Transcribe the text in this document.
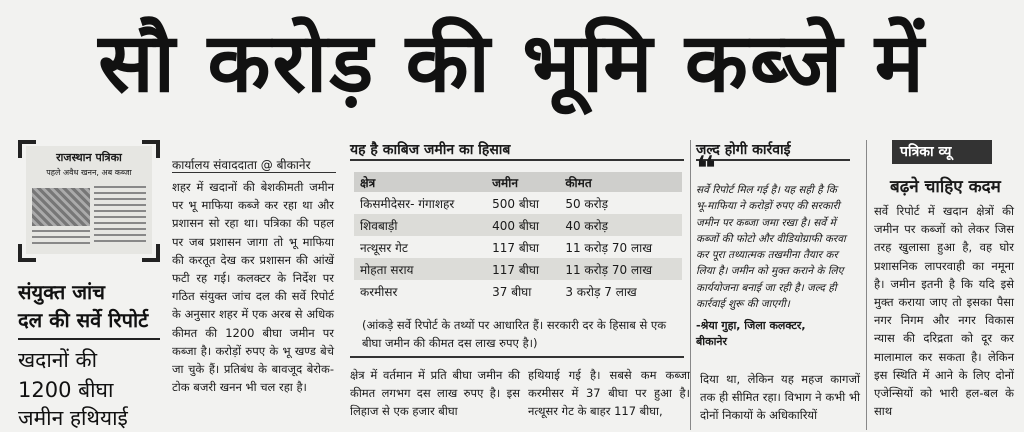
सौ करोड़ की भूमि कब्जे में
राजस्थान पत्रिका
पहले अवैध खनन, अब कब्जा
संयुक्त जांच
दल की सर्वे रिपोर्ट
खदानों की
1200 बीघा
जमीन हथियाई
कार्यालय संवाददाता @ बीकानेर
शहर में खदानों की बेशकीमती जमीन पर भू माफिया कब्जे कर रहा था और प्रशासन सो रहा था। पत्रिका की पहल पर जब प्रशासन जागा तो भू माफिया की करतूत देख कर प्रशासन की आंखें फटी रह गई। कलक्टर के निर्देश पर गठित संयुक्त जांच दल की सर्वे रिपोर्ट के अनुसार शहर में एक अरब से अधिक कीमत की 1200 बीघा जमीन पर कब्जा है। करोड़ों रुपए के भू खण्ड बेचे जा चुके हैं। प्रतिबंध के बावजूद बेरोक-टोक बजरी खनन भी चल रहा है।
यह है काबिज जमीन का हिसाब
क्षेत्र	जमीन	कीमत
किसमीदेसर- गंगाशहर	500 बीघा	50 करोड़
शिवबाड़ी	400 बीघा	40 करोड़
नत्थूसर गेट	117 बीघा	11 करोड़ 70 लाख
मोहता सराय	117 बीघा	11 करोड़ 70 लाख
करमीसर	37 बीघा	3 करोड़ 7 लाख
(आंकड़े सर्वे रिपोर्ट के तथ्यों पर आधारित हैं। सरकारी दर के हिसाब से एक बीघा जमीन की कीमत दस लाख रुपए है।)
क्षेत्र में वर्तमान में प्रति बीघा जमीन की कीमत लगभग दस लाख रुपए है। इस लिहाज से एक हजार बीघा
हथियाई गई है। सबसे कम कब्जा करमीसर में 37 बीघा पर हुआ है। नत्थूसर गेट के बाहर 117 बीघा,
जल्द होगी कार्रवाई
❝
सर्वे रिपोर्ट मिल गई है। यह सही है कि भू-माफिया ने करोड़ों रुपए की सरकारी जमीन पर कब्जा जमा रखा है। सर्वे में कब्जों की फोटो और वीडियोग्राफी करवा कर पूरा तथ्यात्मक तखमीना तैयार कर लिया है। जमीन को मुक्त कराने के लिए कार्ययोजना बनाई जा रही है। जल्द ही कार्रवाई शुरू की जाएगी।
-श्रेया गुहा, जिला कलक्टर,
बीकानेर
दिया था, लेकिन यह महज कागजों तक ही सीमित रहा। विभाग ने कभी भी दोनों निकायों के अधिकारियों
पत्रिका व्यू
बढ़ने चाहिए कदम
सर्वे रिपोर्ट में खदान क्षेत्रों की जमीन पर कब्जों को लेकर जिस तरह खुलासा हुआ है, वह घोर प्रशासनिक लापरवाही का नमूना है। जमीन इतनी है कि यदि इसे मुक्त कराया जाए तो इसका पैसा नगर निगम और नगर विकास न्यास की दरिद्रता को दूर कर मालामाल कर सकता है। लेकिन इस स्थिति में आने के लिए दोनों एजेन्सियों को भारी हल-बल के साथ
